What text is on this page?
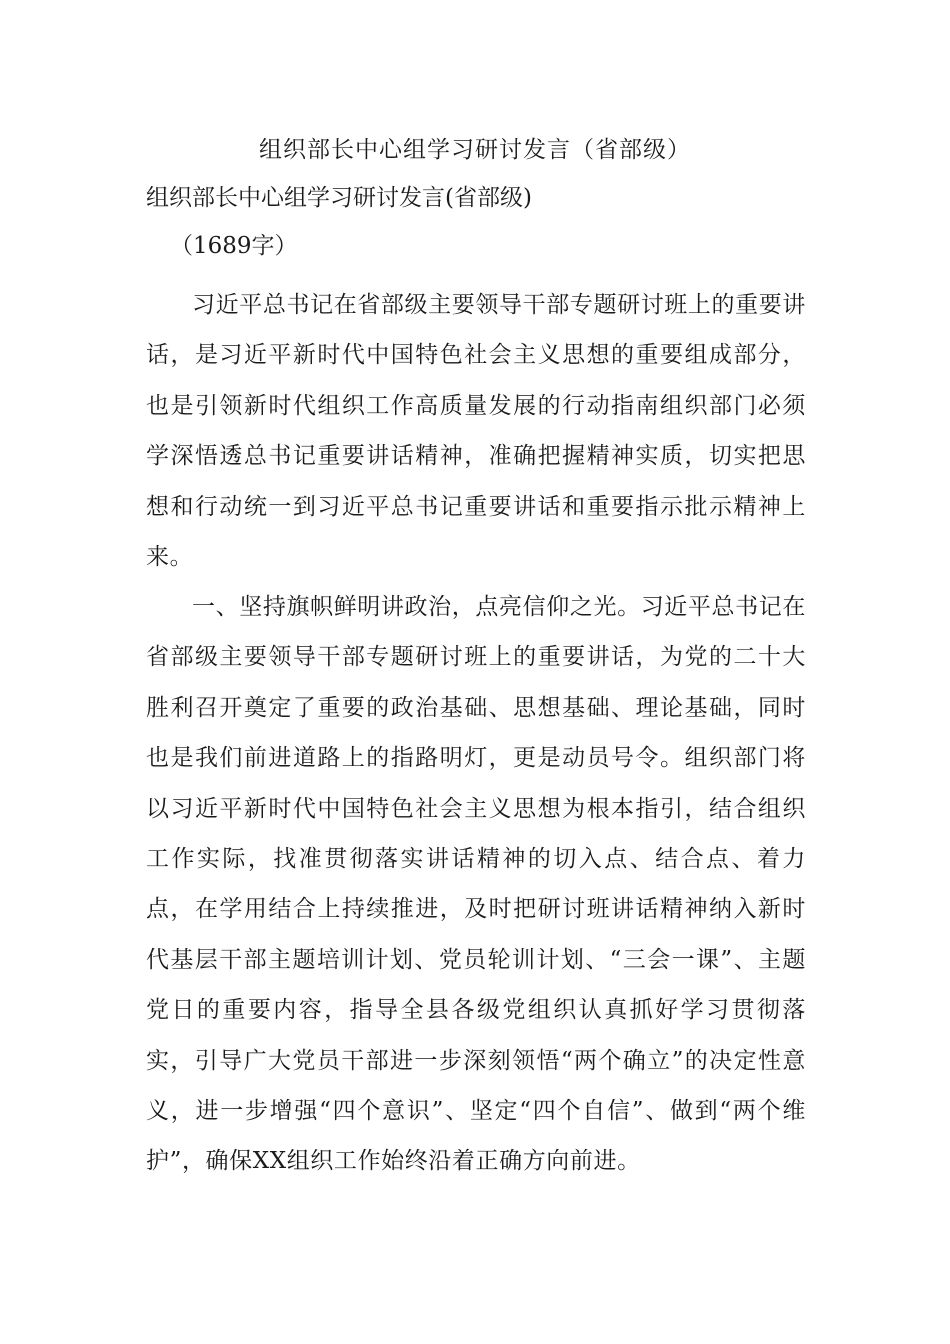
组织部长中心组学习研讨发言（省部级）
组织部长中心组学习研讨发言(省部级)
（1689字）

习近平总书记在省部级主要领导干部专题研讨班上的重要讲话，是习近平新时代中国特色社会主义思想的重要组成部分，也是引领新时代组织工作高质量发展的行动指南组织部门必须学深悟透总书记重要讲话精神，准确把握精神实质，切实把思想和行动统一到习近平总书记重要讲话和重要指示批示精神上来。

一、坚持旗帜鲜明讲政治，点亮信仰之光。习近平总书记在省部级主要领导干部专题研讨班上的重要讲话，为党的二十大胜利召开奠定了重要的政治基础、思想基础、理论基础，同时也是我们前进道路上的指路明灯，更是动员号令。组织部门将以习近平新时代中国特色社会主义思想为根本指引，结合组织工作实际，找准贯彻落实讲话精神的切入点、结合点、着力点，在学用结合上持续推进，及时把研讨班讲话精神纳入新时代基层干部主题培训计划、党员轮训计划、“三会一课”、主题党日的重要内容，指导全县各级党组织认真抓好学习贯彻落实，引导广大党员干部进一步深刻领悟“两个确立”的决定性意义，进一步增强“四个意识”、坚定“四个自信”、做到“两个维护”，确保XX组织工作始终沿着正确方向前进。
